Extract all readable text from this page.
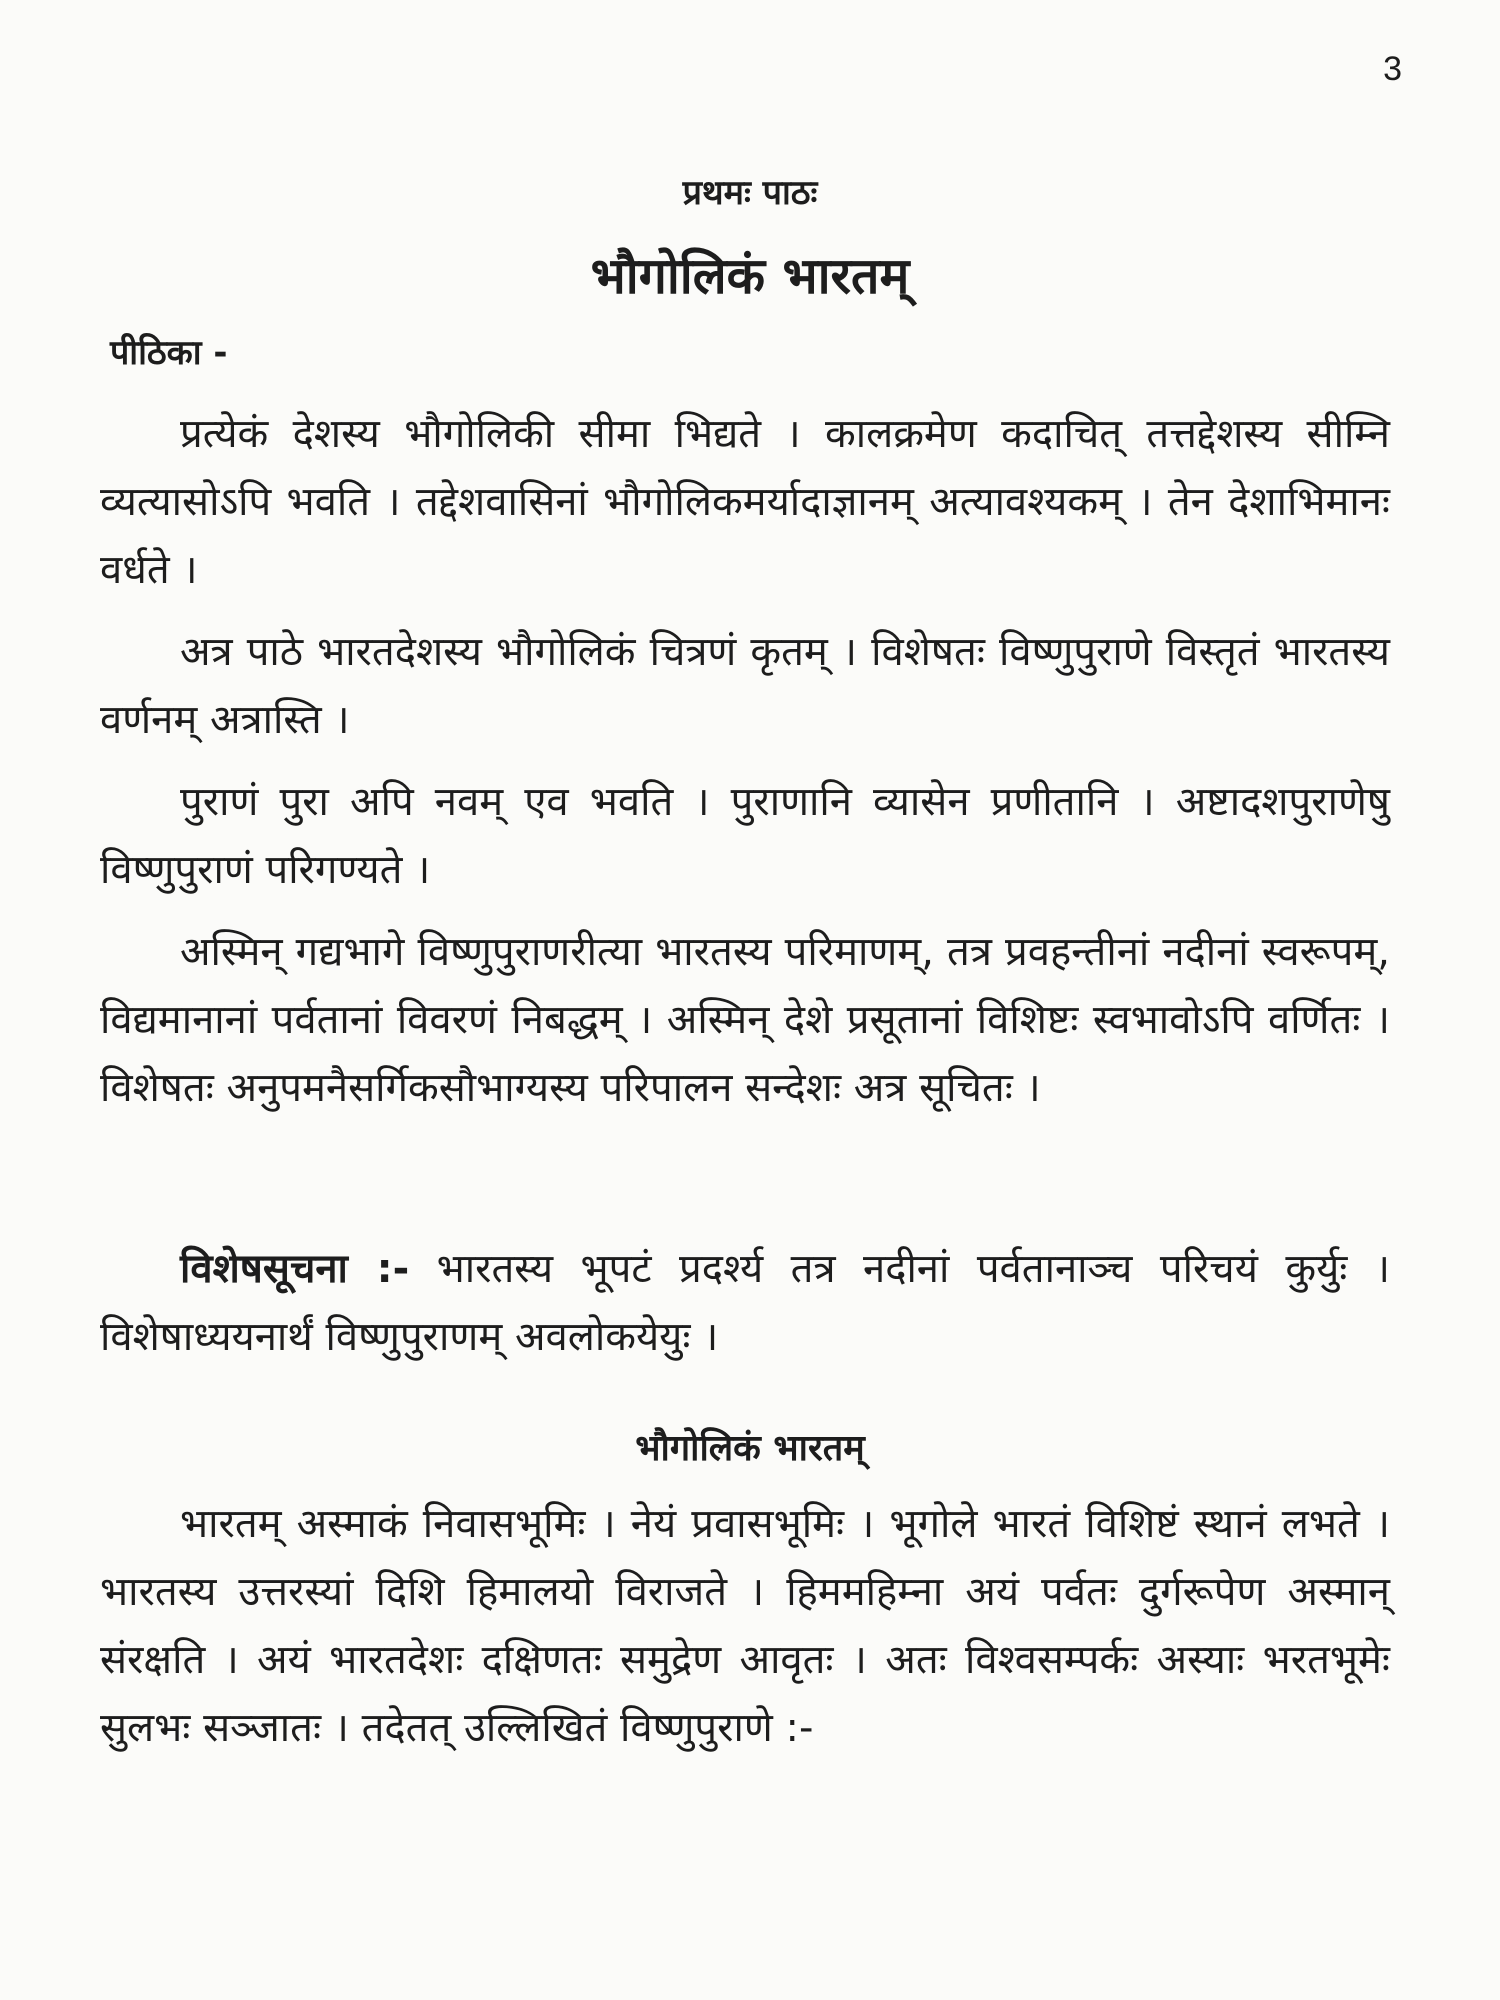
3
प्रथमः पाठः
भौगोलिकं भारतम्
पीठिका -

प्रत्येकं देशस्य भौगोलिकी सीमा भिद्यते । कालक्रमेण कदाचित् तत्तद्देशस्य सीम्नि व्यत्यासोऽपि भवति । तद्देशवासिनां भौगोलिकमर्यादाज्ञानम् अत्यावश्यकम् । तेन देशाभिमानः वर्धते ।

अत्र पाठे भारतदेशस्य भौगोलिकं चित्रणं कृतम् । विशेषतः विष्णुपुराणे विस्तृतं भारतस्य वर्णनम् अत्रास्ति ।

पुराणं पुरा अपि नवम् एव भवति । पुराणानि व्यासेन प्रणीतानि । अष्टादशपुराणेषु विष्णुपुराणं परिगण्यते ।

अस्मिन् गद्यभागे विष्णुपुराणरीत्या भारतस्य परिमाणम्, तत्र प्रवहन्तीनां नदीनां स्वरूपम्, विद्यमानानां पर्वतानां विवरणं निबद्धम् । अस्मिन् देशे प्रसूतानां विशिष्टः स्वभावोऽपि वर्णितः । विशेषतः अनुपमनैसर्गिकसौभाग्यस्य परिपालन सन्देशः अत्र सूचितः ।

विशेषसूचना :- भारतस्य भूपटं प्रदर्श्य तत्र नदीनां पर्वतानाञ्च परिचयं कुर्युः । विशेषाध्ययनार्थं विष्णुपुराणम् अवलोकयेयुः ।

भौगोलिकं भारतम्

भारतम् अस्माकं निवासभूमिः । नेयं प्रवासभूमिः । भूगोले भारतं विशिष्टं स्थानं लभते । भारतस्य उत्तरस्यां दिशि हिमालयो विराजते । हिममहिम्ना अयं पर्वतः दुर्गरूपेण अस्मान् संरक्षति । अयं भारतदेशः दक्षिणतः समुद्रेण आवृतः । अतः विश्वसम्पर्कः अस्याः भरतभूमेः सुलभः सञ्जातः । तदेतत् उल्लिखितं विष्णुपुराणे :-
